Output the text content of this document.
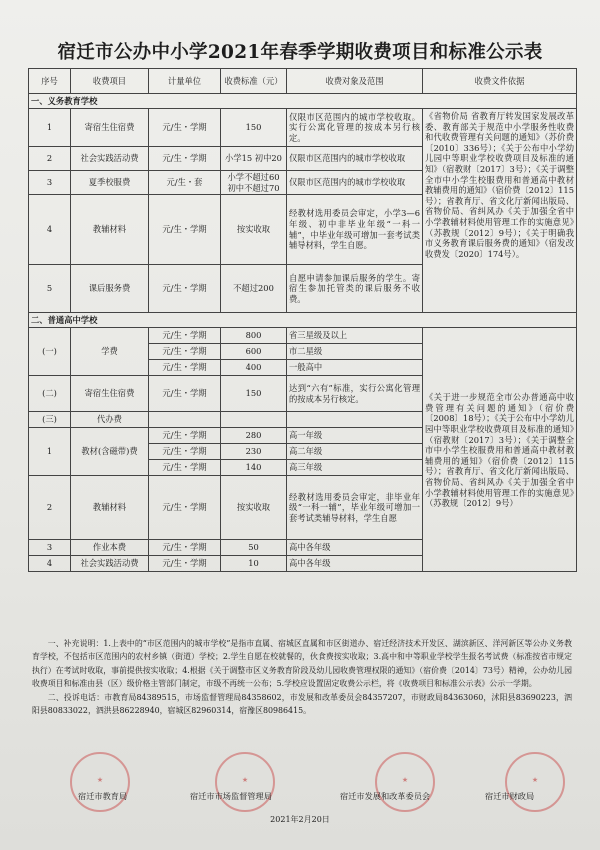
宿迁市公办中小学2021年春季学期收费项目和标准公示表
序号	收费项目	计量单位	收费标准（元）	收费对象及范围	收费文件依据
一、义务教育学校					
1	寄宿生住宿费	元/生・学期	150	仅限市区范围内的城市学校收取。实行公寓化管理的按成本另行核定。	《省物价局 省教育厅转发国家发展改革委、教育部关于规范中小学服务性收费和代收费管理有关问题的通知》（苏价费〔2010〕336号）；《关于公布中小学幼儿园中等职业学校收费项目及标准的通知》（宿教财〔2017〕3号）；《关于调整全市中小学生校服费用和普通高中教材教辅费用的通知》（宿价费〔2012〕115号）；省教育厅、省文化厅新闻出版局、省物价局、省纠风办《关于加强全省中小学教辅材料使用管理工作的实施意见》（苏教规〔2012〕9号）；《关于明确我市义务教育课后服务费的通知》（宿发改收费发〔2020〕174号）。
2	社会实践活动费	元/生・学期	小学15 初中20	仅限市区范围内的城市学校收取	
3	夏季校服费	元/生・套	小学不超过60 初中不超过70	仅限市区范围内的城市学校收取	
4	教辅材料	元/生・学期	按实收取	经教材选用委员会审定，小学3—6年级、初中非毕业年级“一科一辅”，中毕业年级可增加一套考试类辅导材料，学生自愿。	
5	课后服务费	元/生・学期	不超过200	自愿申请参加课后服务的学生。寄宿生参加托管类的课后服务不收费。	
二、普通高中学校					
(一)	学费	元/生・学期	800	省三星级及以上	《关于进一步规范全市公办普通高中收费管理有关问题的通知》（宿价费〔2008〕18号）；《关于公布中小学幼儿园中等职业学校收费项目及标准的通知》（宿教财〔2017〕3号）；《关于调整全市中小学生校服费用和普通高中教材教辅费用的通知》（宿价费〔2012〕115号）；省教育厅、省文化厅新闻出版局、省物价局、省纠风办《关于加强全省中小学教辅材料使用管理工作的实施意见》（苏教规〔2012〕9号）
		元/生・学期	600	市二星级	
		元/生・学期	400	一般高中	
(二)	寄宿生住宿费	元/生・学期	150	达到“六有”标准，实行公寓化管理的按成本另行核定。	
(三)	代办费				
1	教材(含磁带)费	元/生・学期	280	高一年级	
		元/生・学期	230	高二年级	
		元/生・学期	140	高三年级	
2	教辅材料	元/生・学期	按实收取	经教材选用委员会审定，非毕业年级“一科一辅”，毕业年级可增加一套考试类辅导材料，学生自愿	
3	作业本费	元/生・学期	50	高中各年级	
4	社会实践活动费	元/生・学期	10	高中各年级	

一、补充说明：1.上表中的“市区范围内的城市学校”是指市直属、宿城区直属和市区街道办、宿迁经济技术开发区、湖滨新区、洋河新区等公办义务教育学校，不包括市区范围内的农村乡镇（街道）学校；2.学生自愿在校就餐的，伙食费按实收取；3.高中和中等职业学校学生报名考试费（标准按省市规定执行）在考试时收取，事前提供按实收取；4.根据《关于调整市区义务教育阶段及幼儿园收费管理权限的通知》（宿价费〔2014〕73号）精神，公办幼儿园收费项目和标准由县（区）级价格主管部门制定，市级不再统一公布；5.学校应设置固定收费公示栏，将《收费项目和标准公示表》公示一学期。

二、投诉电话：市教育局84389515，市场监督管理局84358602，市发展和改革委员会84357207，市财政局84363060，沭阳县83690223，泗阳县80833022，泗洪县86228940，宿城区82960314，宿豫区80986415。

★	★	★	★
宿迁市教育局	宿迁市市场监督管理局	宿迁市发展和改革委员会	宿迁市财政局
2021年2月20日
